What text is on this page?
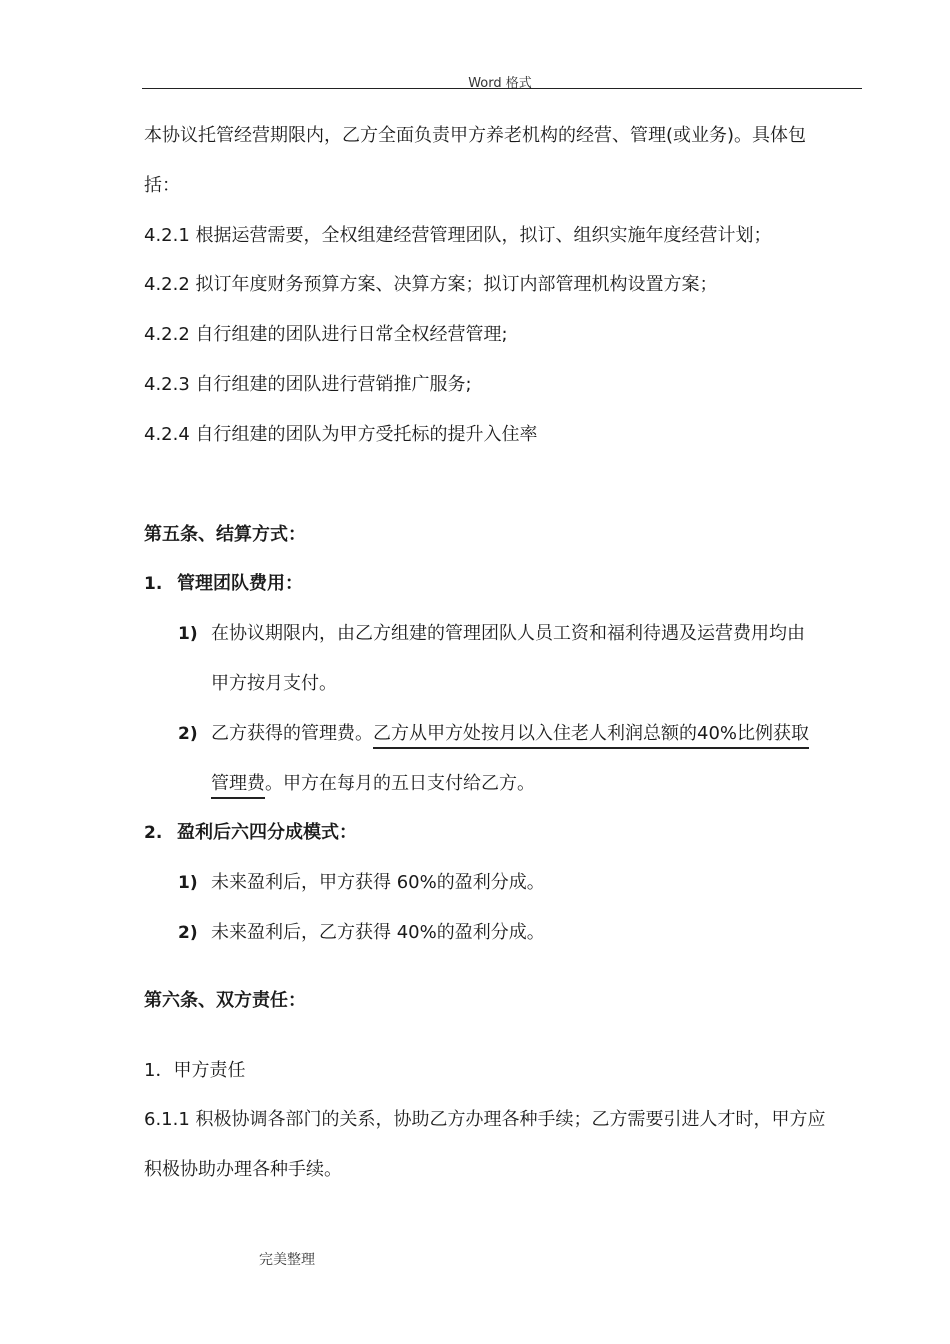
Word 格式
本协议托管经营期限内，乙方全面负责甲方养老机构的经营、管理(或业务)。具体包
括：
4.2.1 根据运营需要，全权组建经营管理团队，拟订、组织实施年度经营计划；
4.2.2 拟订年度财务预算方案、决算方案；拟订内部管理机构设置方案；
4.2.2 自行组建的团队进行日常全权经营管理;
4.2.3 自行组建的团队进行营销推广服务;
4.2.4 自行组建的团队为甲方受托标的提升入住率
第五条、结算方式：
1. 管理团队费用：
1) 在协议期限内，由乙方组建的管理团队人员工资和福利待遇及运营费用均由
甲方按月支付。
2) 乙方获得的管理费。乙方从甲方处按月以入住老人利润总额的40%比例获取
管理费。甲方在每月的五日支付给乙方。
2. 盈利后六四分成模式：
1) 未来盈利后，甲方获得 60%的盈利分成。
2) 未来盈利后，乙方获得 40%的盈利分成。
第六条、双方责任：
1．甲方责任
6.1.1 积极协调各部门的关系，协助乙方办理各种手续；乙方需要引进人才时，甲方应
积极协助办理各种手续。
完美整理
